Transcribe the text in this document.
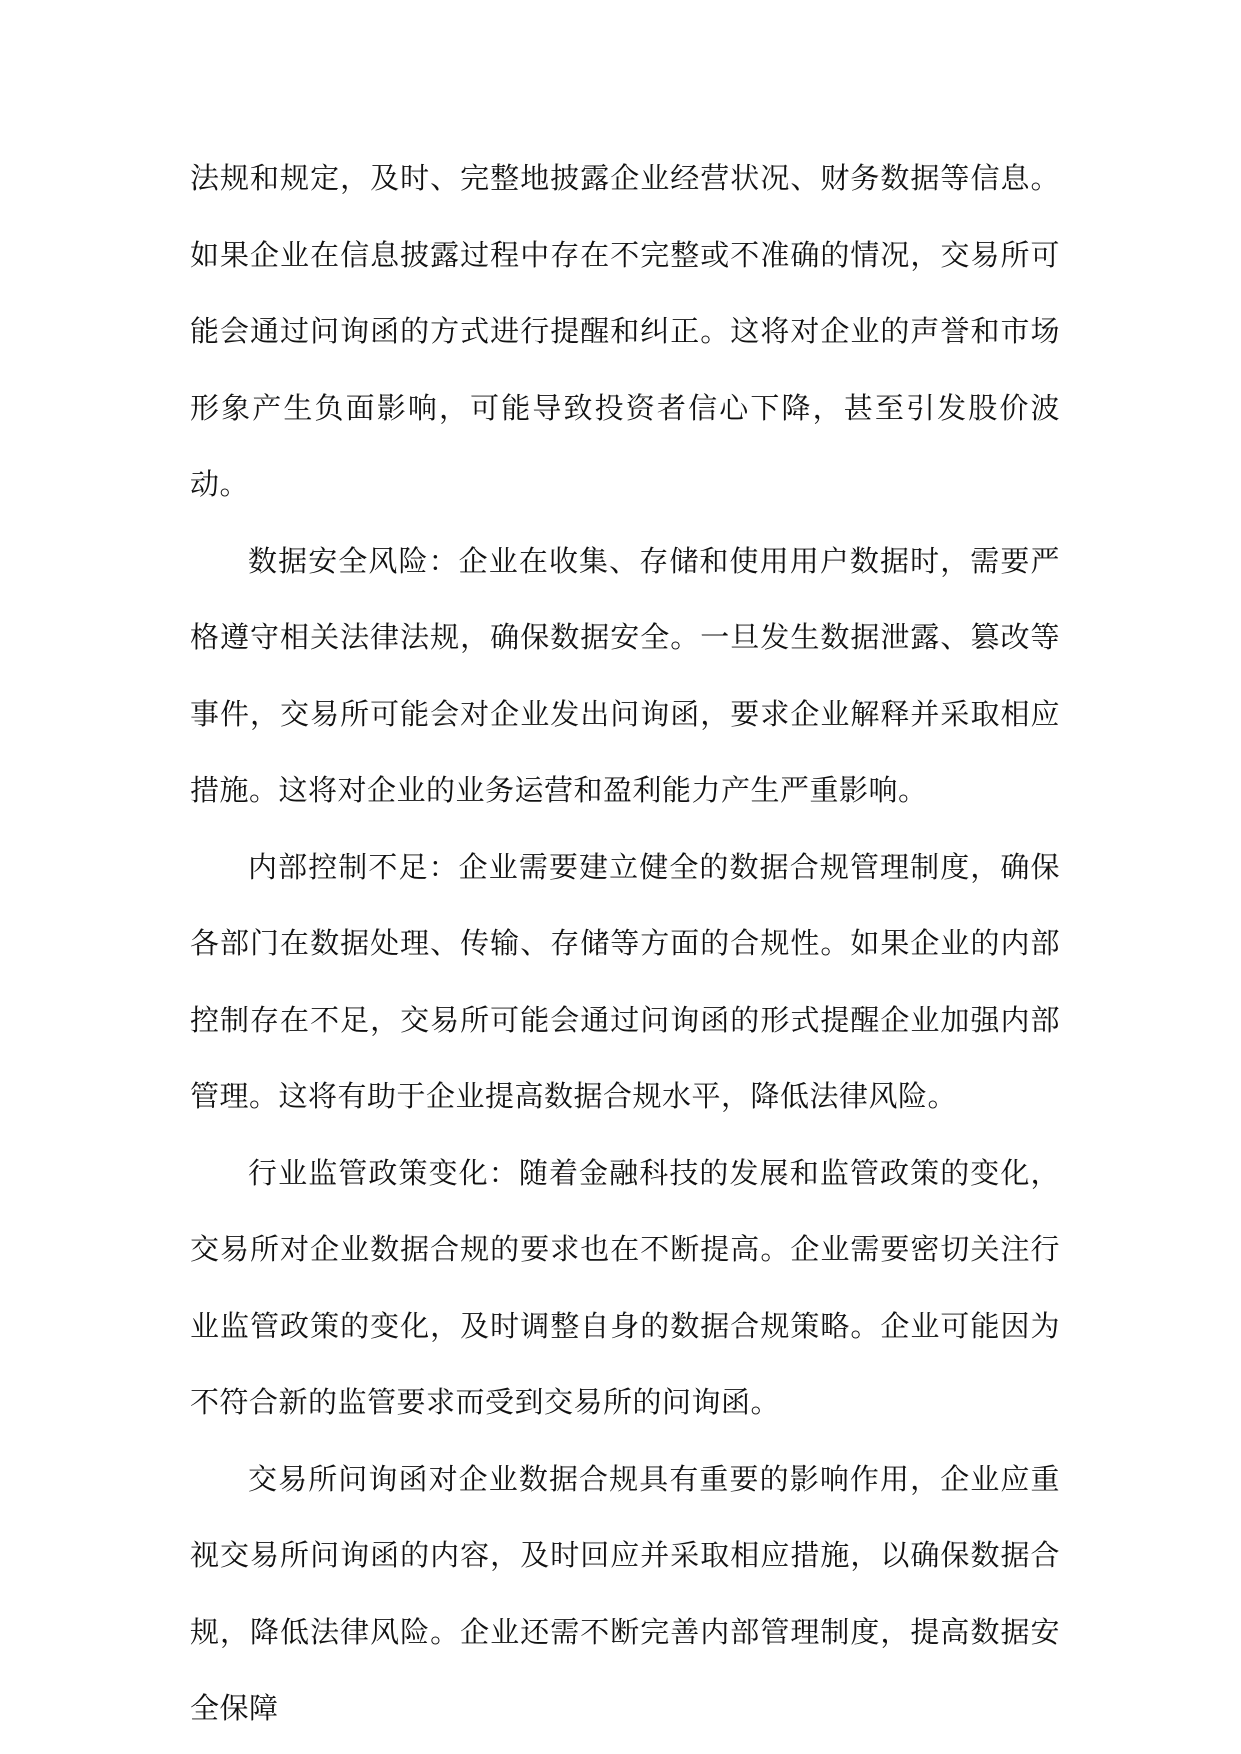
法规和规定，及时、完整地披露企业经营状况、财务数据等信息。如果企业在信息披露过程中存在不完整或不准确的情况，交易所可能会通过问询函的方式进行提醒和纠正。这将对企业的声誉和市场形象产生负面影响，可能导致投资者信心下降，甚至引发股价波动。

数据安全风险：企业在收集、存储和使用用户数据时，需要严格遵守相关法律法规，确保数据安全。一旦发生数据泄露、篡改等事件，交易所可能会对企业发出问询函，要求企业解释并采取相应措施。这将对企业的业务运营和盈利能力产生严重影响。

内部控制不足：企业需要建立健全的数据合规管理制度，确保各部门在数据处理、传输、存储等方面的合规性。如果企业的内部控制存在不足，交易所可能会通过问询函的形式提醒企业加强内部管理。这将有助于企业提高数据合规水平，降低法律风险。

行业监管政策变化：随着金融科技的发展和监管政策的变化，交易所对企业数据合规的要求也在不断提高。企业需要密切关注行业监管政策的变化，及时调整自身的数据合规策略。企业可能因为不符合新的监管要求而受到交易所的问询函。

交易所问询函对企业数据合规具有重要的影响作用，企业应重视交易所问询函的内容，及时回应并采取相应措施，以确保数据合规，降低法律风险。企业还需不断完善内部管理制度，提高数据安全保障
